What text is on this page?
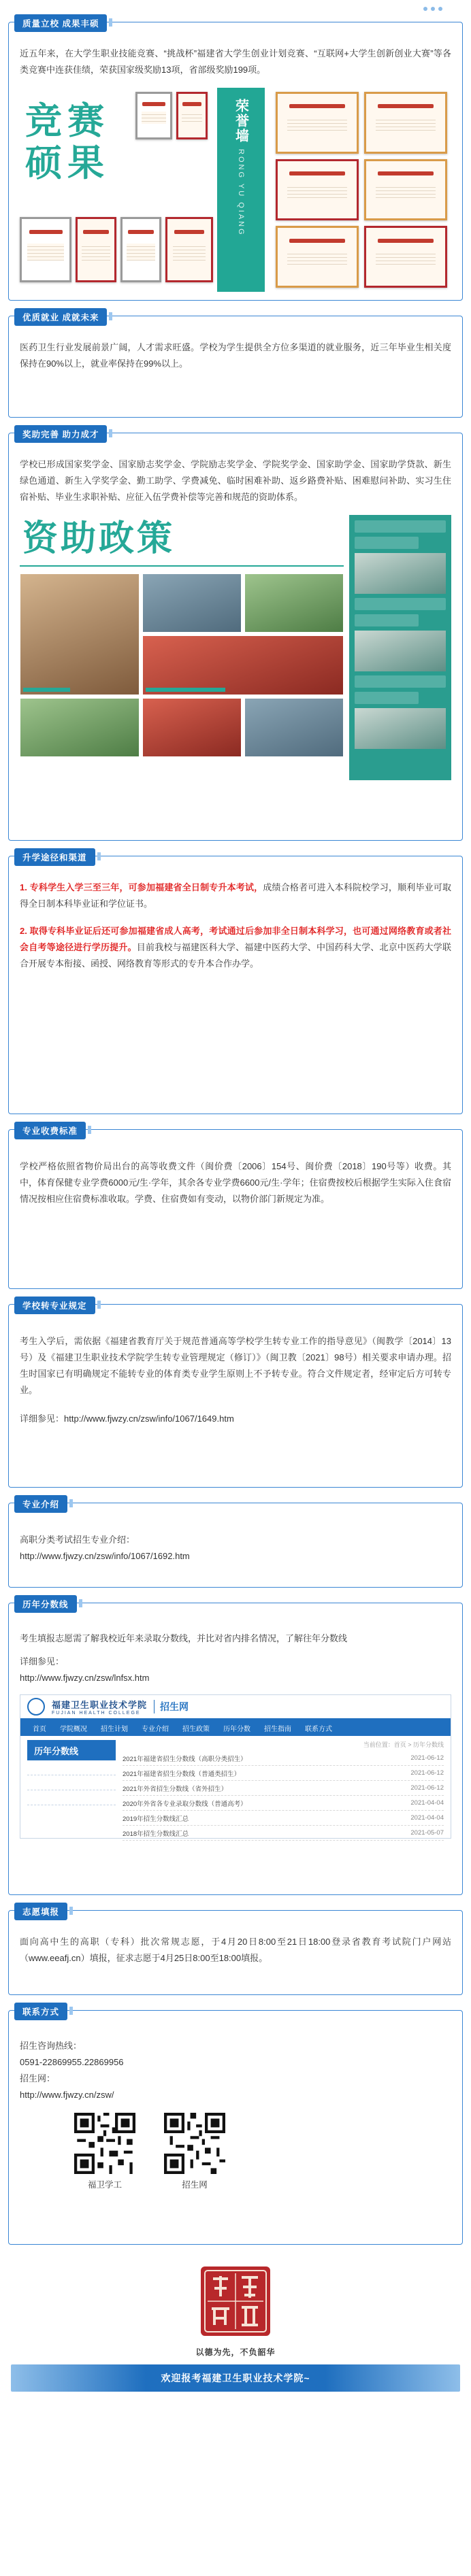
质量立校 成果丰硕
近五年来，在大学生职业技能竞赛、“挑战杯”福建省大学生创业计划竞赛、“互联网+大学生创新创业大赛”等各类竞赛中连获佳绩，荣获国家级奖励13项，省部级奖励199项。
竞赛
硕果
荣誉墙
RONG YU QIANG
优质就业 成就未来
医药卫生行业发展前景广阔，人才需求旺盛。学校为学生提供全方位多渠道的就业服务，近三年毕业生相关度保持在90%以上，就业率保持在99%以上。
奖助完善 助力成才
学校已形成国家奖学金、国家励志奖学金、学院励志奖学金、学院奖学金、国家助学金、国家助学贷款、新生绿色通道、新生入学奖学金、勤工助学、学费减免、临时困难补助、返乡路费补贴、困难慰问补助、实习生住宿补贴、毕业生求职补贴、应征入伍学费补偿等完善和规范的资助体系。
资助政策
升学途径和渠道

1. 专科学生入学三至三年，可参加福建省全日制专升本考试，成绩合格者可进入本科院校学习，顺利毕业可取得全日制本科毕业证和学位证书。

2. 取得专科毕业证后还可参加福建省成人高考，考试通过后参加非全日制本科学习，也可通过网络教育或者社会自考等途径进行学历提升。目前我校与福建医科大学、福建中医药大学、中国药科大学、北京中医药大学联合开展专本衔接、函授、网络教育等形式的专升本合作办学。

专业收费标准
学校严格依照省物价局出台的高等收费文件（闽价费〔2006〕154号、闽价费〔2018〕190号等）收费。其中，体育保健专业学费6000元/生·学年，其余各专业学费6600元/生·学年；住宿费按校后根据学生实际入住食宿情况按相应住宿费标准收取。学费、住宿费如有变动，以物价部门新规定为准。
学校转专业规定
考生入学后，需依据《福建省教育厅关于规范普通高等学校学生转专业工作的指导意见》（闽教学〔2014〕13号）及《福建卫生职业技术学院学生转专业管理规定（修订）》（闽卫教〔2021〕98号）相关要求申请办理。招生时国家已有明确规定不能转专业的体育类专业学生原则上不予转专业。符合文件规定者，经审定后方可转专业。
详细参见：http://www.fjwzy.cn/zsw/info/1067/1649.htm
专业介绍
高职分类考试招生专业介绍：
http://www.fjwzy.cn/zsw/info/1067/1692.htm
历年分数线
考生填报志愿需了解我校近年来录取分数线，并比对省内排名情况，了解往年分数线
详细参见：
http://www.fjwzy.cn/zsw/lnfsx.htm
福建卫生职业技术学院
FUJIAN HEALTH COLLEGE
招生网
首页	学院概况	招生计划	专业介绍	招生政策	历年分数	招生指南	联系方式
历年分数线
当前位置：首页 > 历年分数线
2021年福建省招生分数线（高职分类招生）	2021-06-12
2021年福建省招生分数线（普通类招生）	2021-06-12
2021年外省招生分数线（省外招生）	2021-06-12
2020年外省各专业录取分数线（普通高考）	2021-04-04
2019年招生分数线汇总	2021-04-04
2018年招生分数线汇总	2021-05-07
志愿填报
面向高中生的高职（专科）批次常规志愿，于4月20日8:00至21日18:00登录省教育考试院门户网站（www.eeafj.cn）填报，征求志愿于4月25日8:00至18:00填报。
联系方式
招生咨询热线：
0591-22869955.22869956
招生网：
http://www.fjwzy.cn/zsw/
福卫学工	招生网
以德为先，不负韶华
欢迎报考福建卫生职业技术学院~
